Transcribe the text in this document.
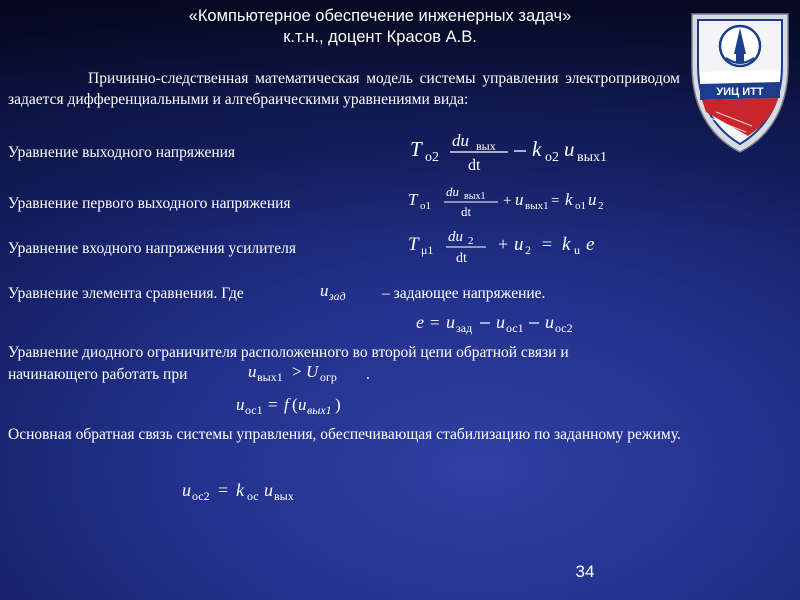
«Компьютерное обеспечение инженерных задач»
к.т.н., доцент Красов А.В.
УИЦ ИТТ
Причинно-следственная математическая модель системы управления электроприводом задается дифференциальными и алгебраическими уравнениями вида:
Уравнение выходного напряжения	T o2
du вых
dt
k o2 u вых1
Уравнение первого выходного напряжения	T o1
du вых1
dt
+ u вых1 = k o1 u 2
Уравнение входного напряжения усилителя	T μ1
du 2
dt
+ u 2 = k u e
Уравнение элемента сравнения. Где	u зад – задающее напряжение.
e = u зад u ос1 u ос2
Уравнение диодного ограничителя расположенного во второй цепи обратной связи и
начинающего работать при	u вых1 > U огр .
u ос1 = f ( u вых1 )
Основная обратная связь системы управления, обеспечивающая стабилизацию по заданному режиму.
u ос2 = k ос u вых
34
